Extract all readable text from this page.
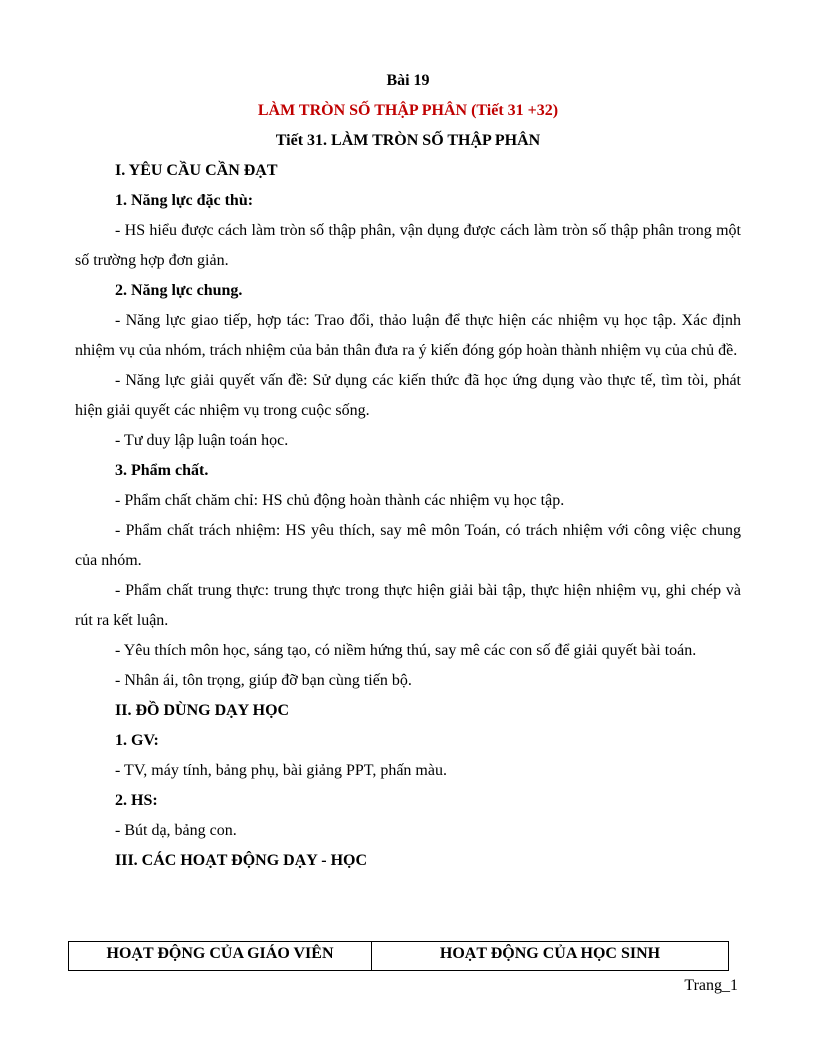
Bài 19

LÀM TRÒN SỐ THẬP PHÂN (Tiết 31 +32)

Tiết 31. LÀM TRÒN SỐ THẬP PHÂN

I. YÊU CẦU CẦN ĐẠT

1. Năng lực đặc thù:

- HS hiểu được cách làm tròn số thập phân, vận dụng được cách làm tròn số thập phân trong một số trường hợp đơn giản.

2. Năng lực chung.

- Năng lực giao tiếp, hợp tác: Trao đổi, thảo luận để thực hiện các nhiệm vụ học tập. Xác định nhiệm vụ của nhóm, trách nhiệm của bản thân đưa ra ý kiến đóng góp hoàn thành nhiệm vụ của chủ đề.

- Năng lực giải quyết vấn đề: Sử dụng các kiến thức đã học ứng dụng vào thực tế, tìm tòi, phát hiện giải quyết các nhiệm vụ trong cuộc sống.

- Tư duy lập luận toán học.

3. Phẩm chất.

- Phẩm chất chăm chỉ: HS chủ động hoàn thành các nhiệm vụ học tập.

- Phẩm chất trách nhiệm: HS yêu thích, say mê môn Toán, có trách nhiệm với công việc chung của nhóm.

- Phẩm chất trung thực: trung thực trong thực hiện giải bài tập, thực hiện nhiệm vụ, ghi chép và rút ra kết luận.

- Yêu thích môn học, sáng tạo, có niềm hứng thú, say mê các con số để giải quyết bài toán.

- Nhân ái, tôn trọng, giúp đỡ bạn cùng tiến bộ.

II. ĐỒ DÙNG DẠY HỌC

1. GV:

- TV, máy tính, bảng phụ, bài giảng PPT, phấn màu.

2. HS:

- Bút dạ, bảng con.

III. CÁC HOẠT ĐỘNG DẠY - HỌC

HOẠT ĐỘNG CỦA GIÁO VIÊN	HOẠT ĐỘNG CỦA HỌC SINH
Trang_1
